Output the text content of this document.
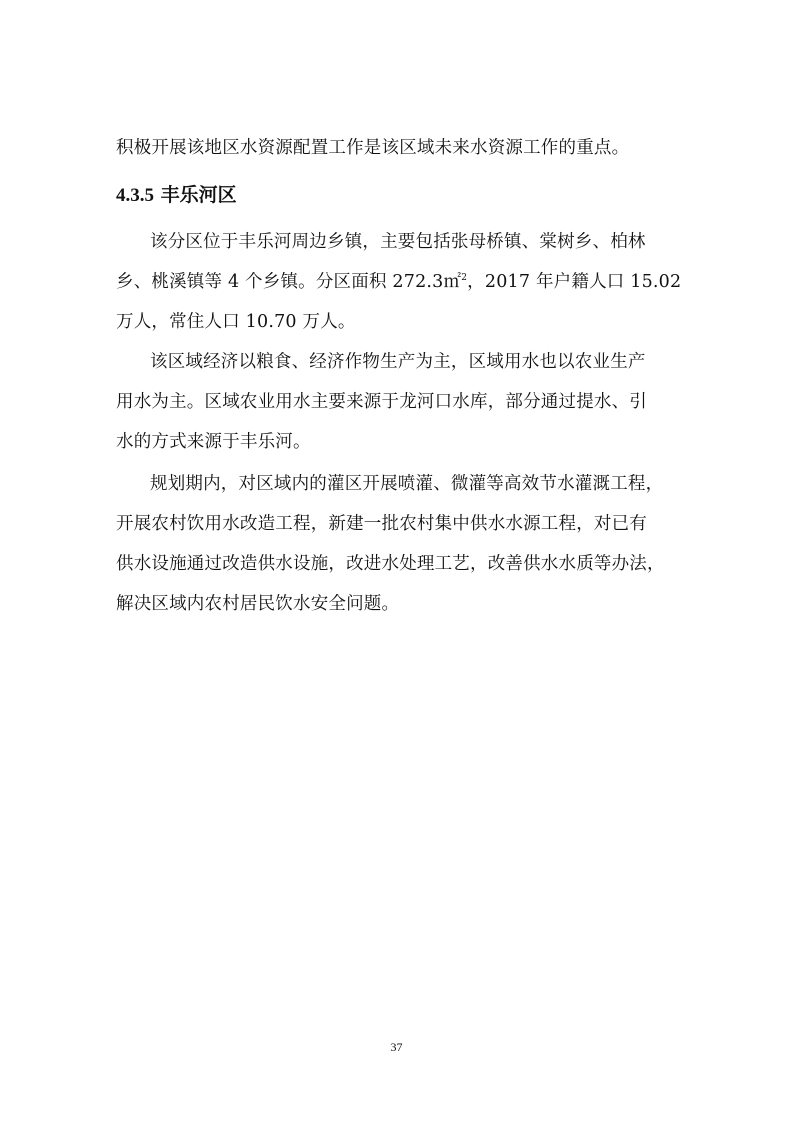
积极开展该地区水资源配置工作是该区域未来水资源工作的重点。
4.3.5 丰乐河区
该分区位于丰乐河周边乡镇，主要包括张母桥镇、棠树乡、柏林
乡、桃溪镇等 4 个乡镇。分区面积 272.3㎡$^2$，2017 年户籍人口 15.02
万人，常住人口 10.70 万人。
该区域经济以粮食、经济作物生产为主，区域用水也以农业生产
用水为主。区域农业用水主要来源于龙河口水库，部分通过提水、引
水的方式来源于丰乐河。
规划期内，对区域内的灌区开展喷灌、微灌等高效节水灌溉工程，
开展农村饮用水改造工程，新建一批农村集中供水水源工程，对已有
供水设施通过改造供水设施，改进水处理工艺，改善供水水质等办法，
解决区域内农村居民饮水安全问题。
37
